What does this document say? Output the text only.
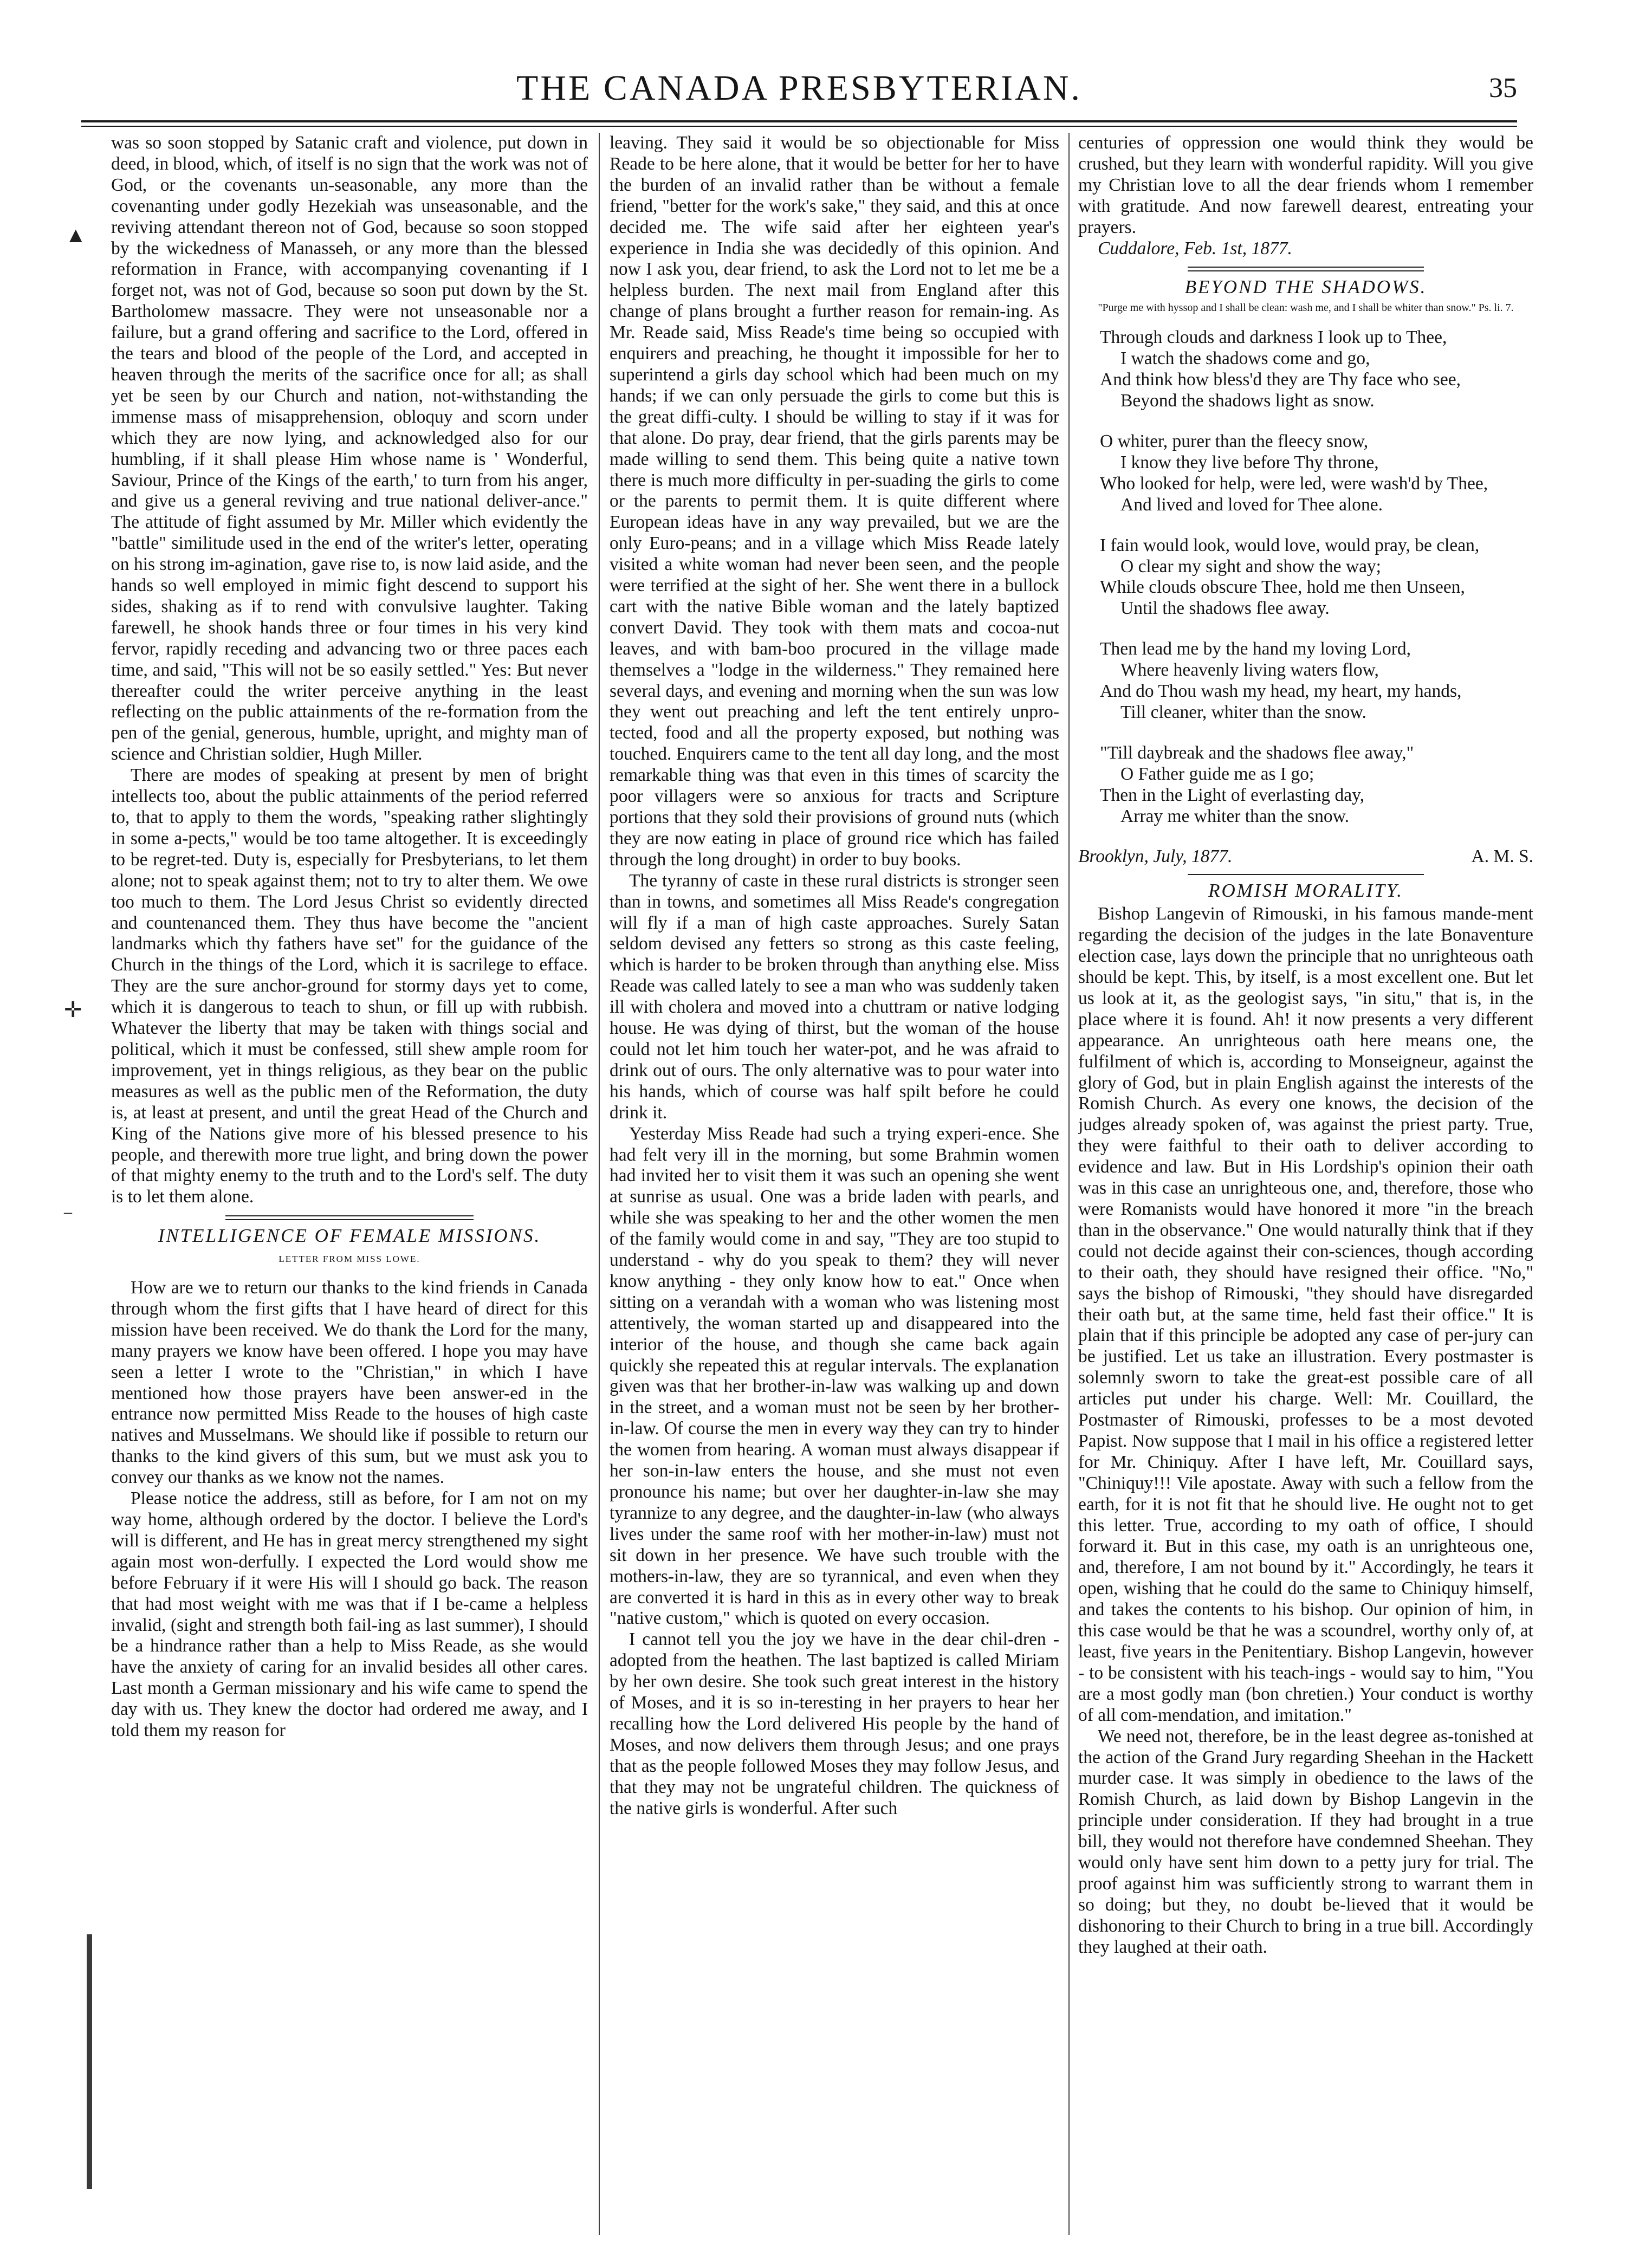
THE CANADA PRESBYTERIAN.	35
▲
✛
–

was so soon stopped by Satanic craft and violence, put down in deed, in blood, which, of itself is no sign that the work was not of God, or the covenants un-seasonable, any more than the covenanting under godly Hezekiah was unseasonable, and the reviving attendant thereon not of God, because so soon stopped by the wickedness of Manasseh, or any more than the blessed reformation in France, with accompanying covenanting if I forget not, was not of God, because so soon put down by the St. Bartholomew massacre. They were not unseasonable nor a failure, but a grand offering and sacrifice to the Lord, offered in the tears and blood of the people of the Lord, and accepted in heaven through the merits of the sacrifice once for all; as shall yet be seen by our Church and nation, not-withstanding the immense mass of misapprehension, obloquy and scorn under which they are now lying, and acknowledged also for our humbling, if it shall please Him whose name is ' Wonderful, Saviour, Prince of the Kings of the earth,' to turn from his anger, and give us a general reviving and true national deliver-ance." The attitude of fight assumed by Mr. Miller which evidently the "battle" similitude used in the end of the writer's letter, operating on his strong im-agination, gave rise to, is now laid aside, and the hands so well employed in mimic fight descend to support his sides, shaking as if to rend with convulsive laughter. Taking farewell, he shook hands three or four times in his very kind fervor, rapidly receding and advancing two or three paces each time, and said, "This will not be so easily settled." Yes: But never thereafter could the writer perceive anything in the least reflecting on the public attainments of the re-formation from the pen of the genial, generous, humble, upright, and mighty man of science and Christian soldier, Hugh Miller.

There are modes of speaking at present by men of bright intellects too, about the public attainments of the period referred to, that to apply to them the words, "speaking rather slightingly in some a-pects," would be too tame altogether. It is exceedingly to be regret-ted. Duty is, especially for Presbyterians, to let them alone; not to speak against them; not to try to alter them. We owe too much to them. The Lord Jesus Christ so evidently directed and countenanced them. They thus have become the "ancient landmarks which thy fathers have set" for the guidance of the Church in the things of the Lord, which it is sacrilege to efface. They are the sure anchor-ground for stormy days yet to come, which it is dangerous to teach to shun, or fill up with rubbish. Whatever the liberty that may be taken with things social and political, which it must be confessed, still shew ample room for improvement, yet in things religious, as they bear on the public measures as well as the public men of the Reformation, the duty is, at least at present, and until the great Head of the Church and King of the Nations give more of his blessed presence to his people, and therewith more true light, and bring down the power of that mighty enemy to the truth and to the Lord's self. The duty is to let them alone.

INTELLIGENCE OF FEMALE MISSIONS.
LETTER FROM MISS LOWE.

How are we to return our thanks to the kind friends in Canada through whom the first gifts that I have heard of direct for this mission have been received. We do thank the Lord for the many, many prayers we know have been offered. I hope you may have seen a letter I wrote to the "Christian," in which I have mentioned how those prayers have been answer-ed in the entrance now permitted Miss Reade to the houses of high caste natives and Musselmans. We should like if possible to return our thanks to the kind givers of this sum, but we must ask you to convey our thanks as we know not the names.

Please notice the address, still as before, for I am not on my way home, although ordered by the doctor. I believe the Lord's will is different, and He has in great mercy strengthened my sight again most won-derfully. I expected the Lord would show me before February if it were His will I should go back. The reason that had most weight with me was that if I be-came a helpless invalid, (sight and strength both fail-ing as last summer), I should be a hindrance rather than a help to Miss Reade, as she would have the anxiety of caring for an invalid besides all other cares. Last month a German missionary and his wife came to spend the day with us. They knew the doctor had ordered me away, and I told them my reason for

leaving. They said it would be so objectionable for Miss Reade to be here alone, that it would be better for her to have the burden of an invalid rather than be without a female friend, "better for the work's sake," they said, and this at once decided me. The wife said after her eighteen year's experience in India she was decidedly of this opinion. And now I ask you, dear friend, to ask the Lord not to let me be a helpless burden. The next mail from England after this change of plans brought a further reason for remain-ing. As Mr. Reade said, Miss Reade's time being so occupied with enquirers and preaching, he thought it impossible for her to superintend a girls day school which had been much on my hands; if we can only persuade the girls to come but this is the great diffi-culty. I should be willing to stay if it was for that alone. Do pray, dear friend, that the girls parents may be made willing to send them. This being quite a native town there is much more difficulty in per-suading the girls to come or the parents to permit them. It is quite different where European ideas have in any way prevailed, but we are the only Euro-peans; and in a village which Miss Reade lately visited a white woman had never been seen, and the people were terrified at the sight of her. She went there in a bullock cart with the native Bible woman and the lately baptized convert David. They took with them mats and cocoa-nut leaves, and with bam-boo procured in the village made themselves a "lodge in the wilderness." They remained here several days, and evening and morning when the sun was low they went out preaching and left the tent entirely unpro-tected, food and all the property exposed, but nothing was touched. Enquirers came to the tent all day long, and the most remarkable thing was that even in this times of scarcity the poor villagers were so anxious for tracts and Scripture portions that they sold their provisions of ground nuts (which they are now eating in place of ground rice which has failed through the long drought) in order to buy books.

The tyranny of caste in these rural districts is stronger seen than in towns, and sometimes all Miss Reade's congregation will fly if a man of high caste approaches. Surely Satan seldom devised any fetters so strong as this caste feeling, which is harder to be broken through than anything else. Miss Reade was called lately to see a man who was suddenly taken ill with cholera and moved into a chuttram or native lodging house. He was dying of thirst, but the woman of the house could not let him touch her water-pot, and he was afraid to drink out of ours. The only alternative was to pour water into his hands, which of course was half spilt before he could drink it.

Yesterday Miss Reade had such a trying experi-ence. She had felt very ill in the morning, but some Brahmin women had invited her to visit them it was such an opening she went at sunrise as usual. One was a bride laden with pearls, and while she was speaking to her and the other women the men of the family would come in and say, "They are too stupid to understand - why do you speak to them? they will never know anything - they only know how to eat." Once when sitting on a verandah with a woman who was listening most attentively, the woman started up and disappeared into the interior of the house, and though she came back again quickly she repeated this at regular intervals. The explanation given was that her brother-in-law was walking up and down in the street, and a woman must not be seen by her brother-in-law. Of course the men in every way they can try to hinder the women from hearing. A woman must always disappear if her son-in-law enters the house, and she must not even pronounce his name; but over her daughter-in-law she may tyrannize to any degree, and the daughter-in-law (who always lives under the same roof with her mother-in-law) must not sit down in her presence. We have such trouble with the mothers-in-law, they are so tyrannical, and even when they are converted it is hard in this as in every other way to break "native custom," which is quoted on every occasion.

I cannot tell you the joy we have in the dear chil-dren - adopted from the heathen. The last baptized is called Miriam by her own desire. She took such great interest in the history of Moses, and it is so in-teresting in her prayers to hear her recalling how the Lord delivered His people by the hand of Moses, and now delivers them through Jesus; and one prays that as the people followed Moses they may follow Jesus, and that they may not be ungrateful children. The quickness of the native girls is wonderful. After such

centuries of oppression one would think they would be crushed, but they learn with wonderful rapidity. Will you give my Christian love to all the dear friends whom I remember with gratitude. And now farewell dearest, entreating your prayers.

Cuddalore, Feb. 1st, 1877.

BEYOND THE SHADOWS.
"Purge me with hyssop and I shall be clean: wash me, and I shall be whiter than snow." Ps. li. 7.
Through clouds and darkness I look up to Thee,
I watch the shadows come and go,
And think how bless'd they are Thy face who see,
Beyond the shadows light as snow.
O whiter, purer than the fleecy snow,
I know they live before Thy throne,
Who looked for help, were led, were wash'd by Thee,
And lived and loved for Thee alone.
I fain would look, would love, would pray, be clean,
O clear my sight and show the way;
While clouds obscure Thee, hold me then Unseen,
Until the shadows flee away.
Then lead me by the hand my loving Lord,
Where heavenly living waters flow,
And do Thou wash my head, my heart, my hands,
Till cleaner, whiter than the snow.
"Till daybreak and the shadows flee away,"
O Father guide me as I go;
Then in the Light of everlasting day,
Array me whiter than the snow.
Brooklyn, July, 1877.	A. M. S.
ROMISH MORALITY.

Bishop Langevin of Rimouski, in his famous mande-ment regarding the decision of the judges in the late Bonaventure election case, lays down the principle that no unrighteous oath should be kept. This, by itself, is a most excellent one. But let us look at it, as the geologist says, "in situ," that is, in the place where it is found. Ah! it now presents a very different appearance. An unrighteous oath here means one, the fulfilment of which is, according to Monseigneur, against the glory of God, but in plain English against the interests of the Romish Church. As every one knows, the decision of the judges already spoken of, was against the priest party. True, they were faithful to their oath to deliver according to evidence and law. But in His Lordship's opinion their oath was in this case an unrighteous one, and, therefore, those who were Romanists would have honored it more "in the breach than in the observance." One would naturally think that if they could not decide against their con-sciences, though according to their oath, they should have resigned their office. "No," says the bishop of Rimouski, "they should have disregarded their oath but, at the same time, held fast their office." It is plain that if this principle be adopted any case of per-jury can be justified. Let us take an illustration. Every postmaster is solemnly sworn to take the great-est possible care of all articles put under his charge. Well: Mr. Couillard, the Postmaster of Rimouski, professes to be a most devoted Papist. Now suppose that I mail in his office a registered letter for Mr. Chiniquy. After I have left, Mr. Couillard says, "Chiniquy!!! Vile apostate. Away with such a fellow from the earth, for it is not fit that he should live. He ought not to get this letter. True, according to my oath of office, I should forward it. But in this case, my oath is an unrighteous one, and, therefore, I am not bound by it." Accordingly, he tears it open, wishing that he could do the same to Chiniquy himself, and takes the contents to his bishop. Our opinion of him, in this case would be that he was a scoundrel, worthy only of, at least, five years in the Penitentiary. Bishop Langevin, however - to be consistent with his teach-ings - would say to him, "You are a most godly man (bon chretien.) Your conduct is worthy of all com-mendation, and imitation."

We need not, therefore, be in the least degree as-tonished at the action of the Grand Jury regarding Sheehan in the Hackett murder case. It was simply in obedience to the laws of the Romish Church, as laid down by Bishop Langevin in the principle under consideration. If they had brought in a true bill, they would not therefore have condemned Sheehan. They would only have sent him down to a petty jury for trial. The proof against him was sufficiently strong to warrant them in so doing; but they, no doubt be-lieved that it would be dishonoring to their Church to bring in a true bill. Accordingly they laughed at their oath.
